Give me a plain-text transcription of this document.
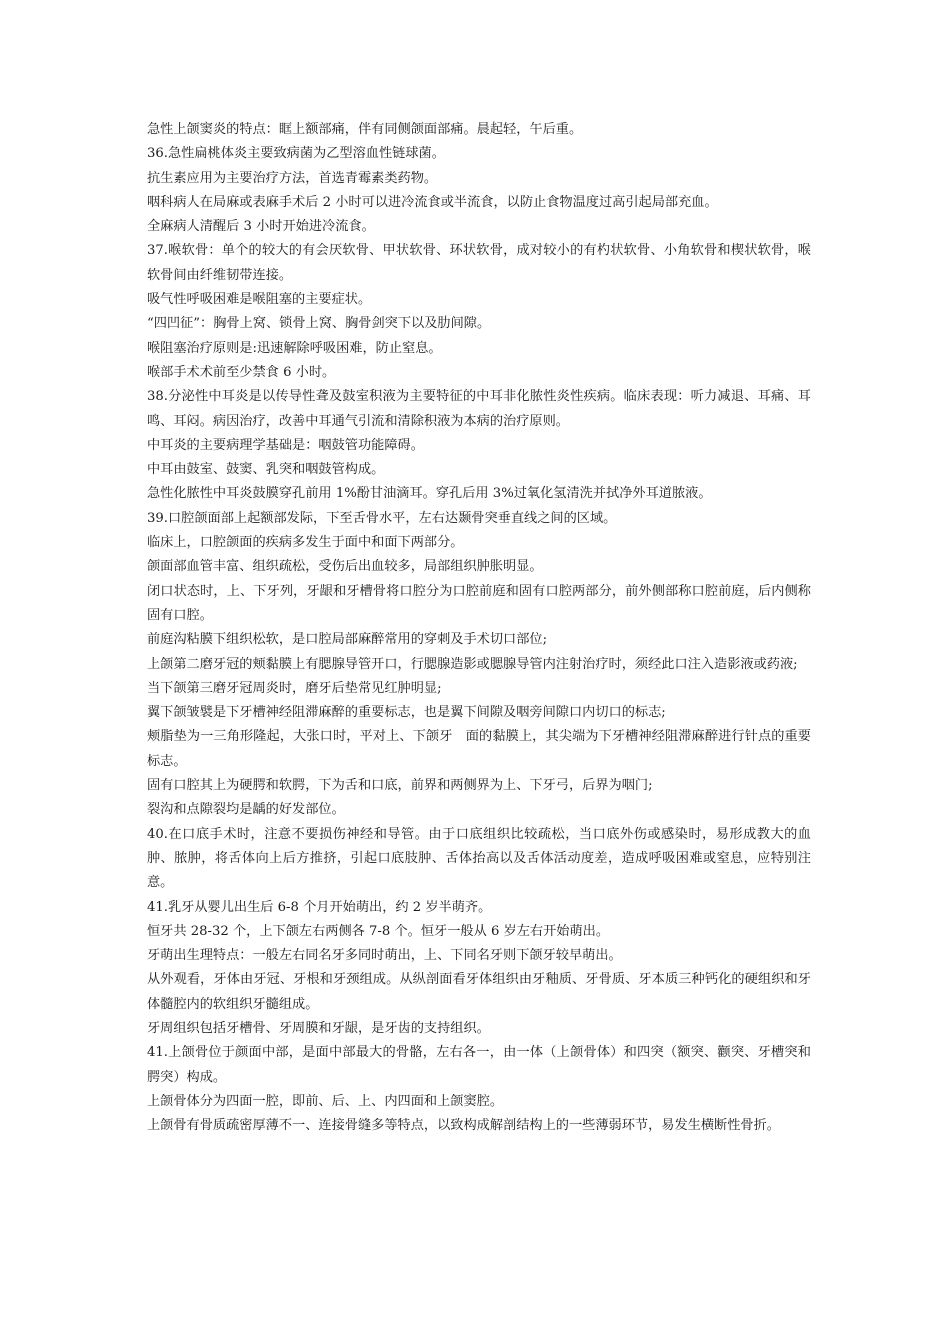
急性上颌窦炎的特点：眶上额部痛，伴有同侧颌面部痛。晨起轻，午后重。

36.急性扁桃体炎主要致病菌为乙型溶血性链球菌。

抗生素应用为主要治疗方法，首选青霉素类药物。

咽科病人在局麻或表麻手术后 2 小时可以进冷流食或半流食，以防止食物温度过高引起局部充血。

全麻病人清醒后 3 小时开始进冷流食。

37.喉软骨：单个的较大的有会厌软骨、甲状软骨、环状软骨，成对较小的有杓状软骨、小角软骨和楔状软骨，喉软骨间由纤维韧带连接。

吸气性呼吸困难是喉阻塞的主要症状。

“四凹征”：胸骨上窝、锁骨上窝、胸骨剑突下以及肋间隙。

喉阻塞治疗原则是:迅速解除呼吸困难，防止窒息。

喉部手术术前至少禁食 6 小时。

38.分泌性中耳炎是以传导性聋及鼓室积液为主要特征的中耳非化脓性炎性疾病。临床表现：听力减退、耳痛、耳鸣、耳闷。病因治疗，改善中耳通气引流和清除积液为本病的治疗原则。

中耳炎的主要病理学基础是：咽鼓管功能障碍。

中耳由鼓室、鼓窦、乳突和咽鼓管构成。

急性化脓性中耳炎鼓膜穿孔前用 1%酚甘油滴耳。穿孔后用 3%过氧化氢清洗并拭净外耳道脓液。

39.口腔颌面部上起额部发际，下至舌骨水平，左右达颞骨突垂直线之间的区域。

临床上，口腔颌面的疾病多发生于面中和面下两部分。

颌面部血管丰富、组织疏松，受伤后出血较多，局部组织肿胀明显。

闭口状态时，上、下牙列，牙龈和牙槽骨将口腔分为口腔前庭和固有口腔两部分，前外侧部称口腔前庭，后内侧称固有口腔。

前庭沟粘膜下组织松软，是口腔局部麻醉常用的穿刺及手术切口部位;

上颌第二磨牙冠的颊黏膜上有腮腺导管开口，行腮腺造影或腮腺导管内注射治疗时，须经此口注入造影液或药液;

当下颌第三磨牙冠周炎时，磨牙后垫常见红肿明显;

翼下颌皱襞是下牙槽神经阻滞麻醉的重要标志，也是翼下间隙及咽旁间隙口内切口的标志;

颊脂垫为一三角形隆起，大张口时，平对上、下颌牙　面的黏膜上，其尖端为下牙槽神经阻滞麻醉进行针点的重要标志。

固有口腔其上为硬腭和软腭，下为舌和口底，前界和两侧界为上、下牙弓，后界为咽门;

裂沟和点隙裂均是龋的好发部位。

40.在口底手术时，注意不要损伤神经和导管。由于口底组织比较疏松，当口底外伤或感染时，易形成教大的血肿、脓肿，将舌体向上后方推挤，引起口底肢肿、舌体抬高以及舌体活动度差，造成呼吸困难或窒息，应特别注意。

41.乳牙从婴儿出生后 6-8 个月开始萌出，约 2 岁半萌齐。

恒牙共 28-32 个，上下颌左右两侧各 7-8 个。恒牙一般从 6 岁左右开始萌出。

牙萌出生理特点：一般左右同名牙多同时萌出，上、下同名牙则下颌牙较早萌出。

从外观看，牙体由牙冠、牙根和牙颈组成。从纵剖面看牙体组织由牙釉质、牙骨质、牙本质三种钙化的硬组织和牙体髓腔内的软组织牙髓组成。

牙周组织包括牙槽骨、牙周膜和牙龈，是牙齿的支持组织。

41.上颌骨位于颜面中部，是面中部最大的骨骼，左右各一，由一体（上颌骨体）和四突（额突、颧突、牙槽突和腭突）构成。

上颌骨体分为四面一腔，即前、后、上、内四面和上颌窦腔。

上颌骨有骨质疏密厚薄不一、连接骨缝多等特点，以致构成解剖结构上的一些薄弱环节，易发生横断性骨折。
